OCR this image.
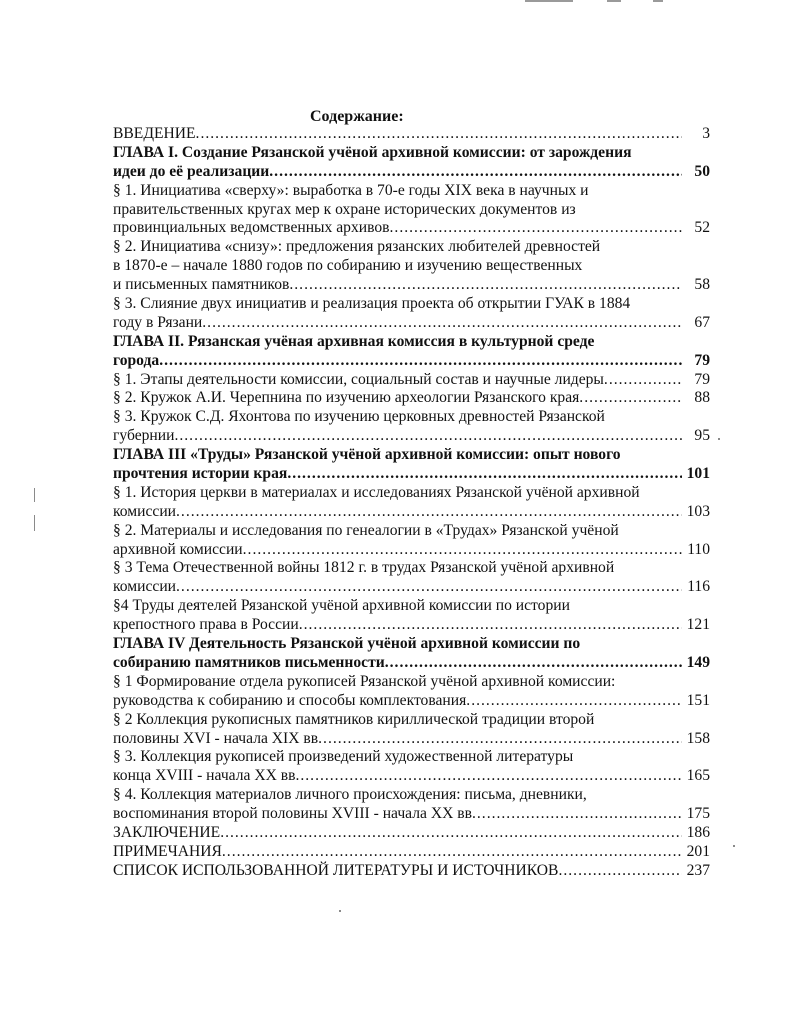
Содержание:
ВВЕДЕНИЕ .....	3
ГЛАВА I. Создание Рязанской учёной архивной комиссии: от зарождения
идеи до её реализации .....	50
§ 1. Инициатива «сверху»: выработка в 70-е годы XIX века в научных и
правительственных кругах мер к охране исторических документов из
провинциальных ведомственных архивов .....	52
§ 2. Инициатива «снизу»: предложения рязанских любителей древностей
в 1870-е – начале 1880 годов по собиранию и изучению вещественных
и письменных памятников .....	58
§ 3. Слияние двух инициатив и реализация проекта об открытии ГУАК в 1884
году в Рязани .....	67
ГЛАВА II. Рязанская учёная архивная комиссия в культурной среде
города .....	79
§ 1. Этапы деятельности комиссии, социальный состав и научные лидеры .....	79
§ 2. Кружок А.И. Черепнина по изучению археологии Рязанского края .....	88
§ 3. Кружок С.Д. Яхонтова по изучению церковных древностей Рязанской
губернии .....	95
ГЛАВА III «Труды» Рязанской учёной архивной комиссии: опыт нового
прочтения истории края .....	101
§ 1. История церкви в материалах и исследованиях Рязанской учёной архивной
комиссии .....	103
§ 2. Материалы и исследования по генеалогии в «Трудах» Рязанской учёной
архивной комиссии .....	110
§ 3 Тема Отечественной войны 1812 г. в трудах Рязанской учёной архивной
комиссии .....	116
§4 Труды деятелей Рязанской учёной архивной комиссии по истории
крепостного права в России .....	121
ГЛАВА IV Деятельность Рязанской учёной архивной комиссии по
собиранию памятников письменности .....	149
§ 1 Формирование отдела рукописей Рязанской учёной архивной комиссии:
руководства к собиранию и способы комплектования .....	151
§ 2 Коллекция рукописных памятников кириллической традиции второй
половины XVI - начала XIX вв .....	158
§ 3. Коллекция рукописей произведений художественной литературы
конца XVIII - начала XX вв .....	165
§ 4. Коллекция материалов личного происхождения: письма, дневники,
воспоминания второй половины XVIII - начала XX вв .....	175
ЗАКЛЮЧЕНИЕ .....	186
ПРИМЕЧАНИЯ .....	201
СПИСОК ИСПОЛЬЗОВАННОЙ ЛИТЕРАТУРЫ И ИСТОЧНИКОВ .....	237
